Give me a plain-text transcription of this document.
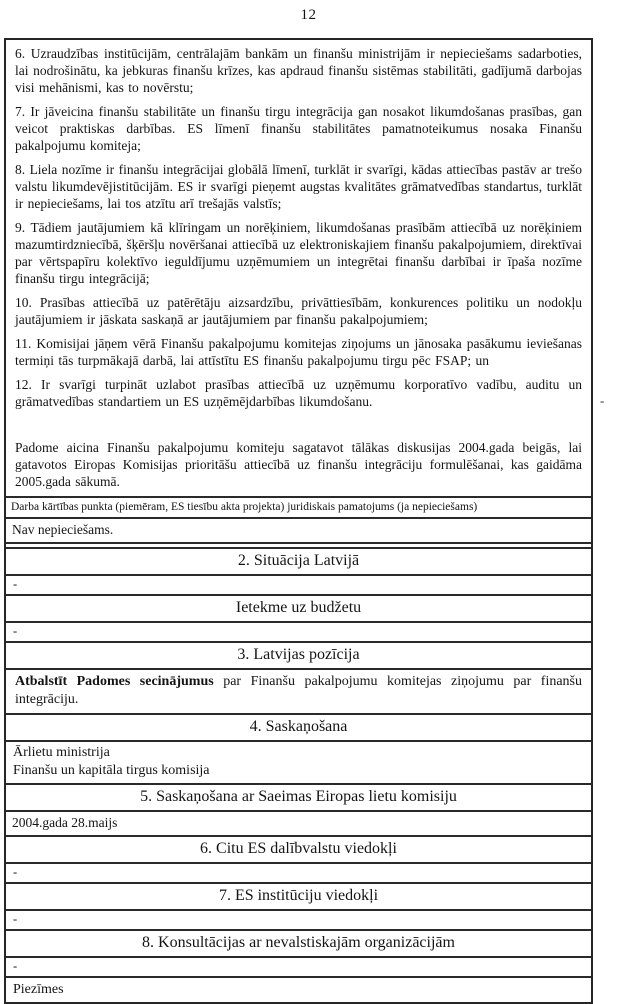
12
-

6. Uzraudzības institūcijām, centrālajām bankām un finanšu ministrijām ir nepieciešams sadarboties, lai nodrošinātu, ka jebkuras finanšu krīzes, kas apdraud finanšu sistēmas stabilitāti, gadījumā darbojas visi mehānismi, kas to novērstu;

7. Ir jāveicina finanšu stabilitāte un finanšu tirgu integrācija gan nosakot likumdošanas prasības, gan veicot praktiskas darbības. ES līmenī finanšu stabilitātes pamatnoteikumus nosaka Finanšu pakalpojumu komiteja;

8. Liela nozīme ir finanšu integrācijai globālā līmenī, turklāt ir svarīgi, kādas attiecības pastāv ar trešo valstu likumdevējistitūcijām. ES ir svarīgi pieņemt augstas kvalitātes grāmatvedības standartus, turklāt ir nepieciešams, lai tos atzītu arī trešajās valstīs;

9. Tādiem jautājumiem kā klīringam un norēķiniem, likumdošanas prasībām attiecībā uz norēķiniem mazumtirdzniecībā, šķēršļu novēršanai attiecībā uz elektroniskajiem finanšu pakalpojumiem, direktīvai par vērtspapīru kolektīvo ieguldījumu uzņēmumiem un integrētai finanšu darbībai ir īpaša nozīme finanšu tirgu integrācijā;

10. Prasības attiecībā uz patērētāju aizsardzību, privāttiesībām, konkurences politiku un nodokļu jautājumiem ir jāskata saskaņā ar jautājumiem par finanšu pakalpojumiem;

11. Komisijai jāņem vērā Finanšu pakalpojumu komitejas ziņojums un jānosaka pasākumu ieviešanas termiņi tās turpmākajā darbā, lai attīstītu ES finanšu pakalpojumu tirgu pēc FSAP; un

12. Ir svarīgi turpināt uzlabot prasības attiecībā uz uzņēmumu korporatīvo vadību, auditu un grāmatvedības standartiem un ES uzņēmējdarbības likumdošanu.

Padome aicina Finanšu pakalpojumu komiteju sagatavot tālākas diskusijas 2004.gada beigās, lai gatavotos Eiropas Komisijas prioritāšu attiecībā uz finanšu integrāciju formulēšanai, kas gaidāma 2005.gada sākumā.

Darba kārtības punkta (piemēram, ES tiesību akta projekta) juridiskais pamatojums (ja nepieciešams)
Nav nepieciešams.
2. Situācija Latvijā
-
Ietekme uz budžetu
-
3. Latvijas pozīcija
Atbalstīt Padomes secinājumus par Finanšu pakalpojumu komitejas ziņojumu par finanšu integrāciju.
4. Saskaņošana
Ārlietu ministrija
Finanšu un kapitāla tirgus komisija
5. Saskaņošana ar Saeimas Eiropas lietu komisiju
2004.gada 28.maijs
6. Citu ES dalībvalstu viedokļi
-
7. ES institūciju viedokļi
-
8. Konsultācijas ar nevalstiskajām organizācijām
-
Piezīmes
